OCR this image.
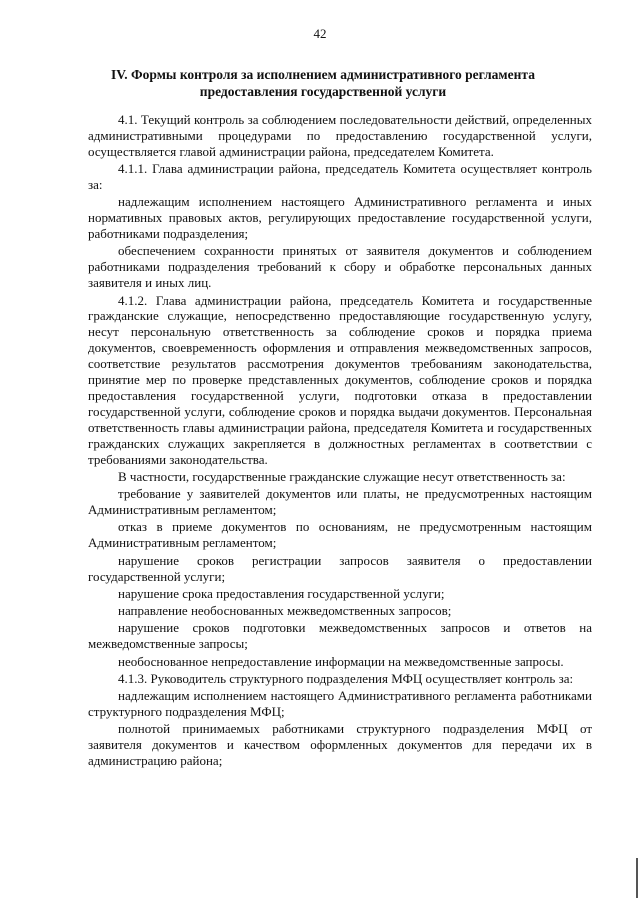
42
IV. Формы контроля за исполнением административного регламента
предоставления государственной услуги

4.1. Текущий контроль за соблюдением последовательности действий, определенных административными процедурами по предоставлению государственной услуги, осуществляется главой администрации района, председателем Комитета.

4.1.1. Глава администрации района, председатель Комитета осуществляет контроль за:

надлежащим исполнением настоящего Административного регламента и иных нормативных правовых актов, регулирующих предоставление государственной услуги, работниками подразделения;

обеспечением сохранности принятых от заявителя документов и соблюдением работниками подразделения требований к сбору и обработке персональных данных заявителя и иных лиц.

4.1.2. Глава администрации района, председатель Комитета и государственные гражданские служащие, непосредственно предоставляющие государственную услугу, несут персональную ответственность за соблюдение сроков и порядка приема документов, своевременность оформления и отправления межведомственных запросов, соответствие результатов рассмотрения документов требованиям законодательства, принятие мер по проверке представленных документов, соблюдение сроков и порядка предоставления государственной услуги, подготовки отказа в предоставлении государственной услуги, соблюдение сроков и порядка выдачи документов. Персональная ответственность главы администрации района, председателя Комитета и государственных гражданских служащих закрепляется в должностных регламентах в соответствии с требованиями законодательства.

В частности, государственные гражданские служащие несут ответственность за:

требование у заявителей документов или платы, не предусмотренных настоящим Административным регламентом;

отказ в приеме документов по основаниям, не предусмотренным настоящим Административным регламентом;

нарушение сроков регистрации запросов заявителя о предоставлении государственной услуги;

нарушение срока предоставления государственной услуги;

направление необоснованных межведомственных запросов;

нарушение сроков подготовки межведомственных запросов и ответов на межведомственные запросы;

необоснованное непредоставление информации на межведомственные запросы.

4.1.3. Руководитель структурного подразделения МФЦ осуществляет контроль за:

надлежащим исполнением настоящего Административного регламента работниками структурного подразделения МФЦ;

полнотой принимаемых работниками структурного подразделения МФЦ от заявителя документов и качеством оформленных документов для передачи их в администрацию района;
